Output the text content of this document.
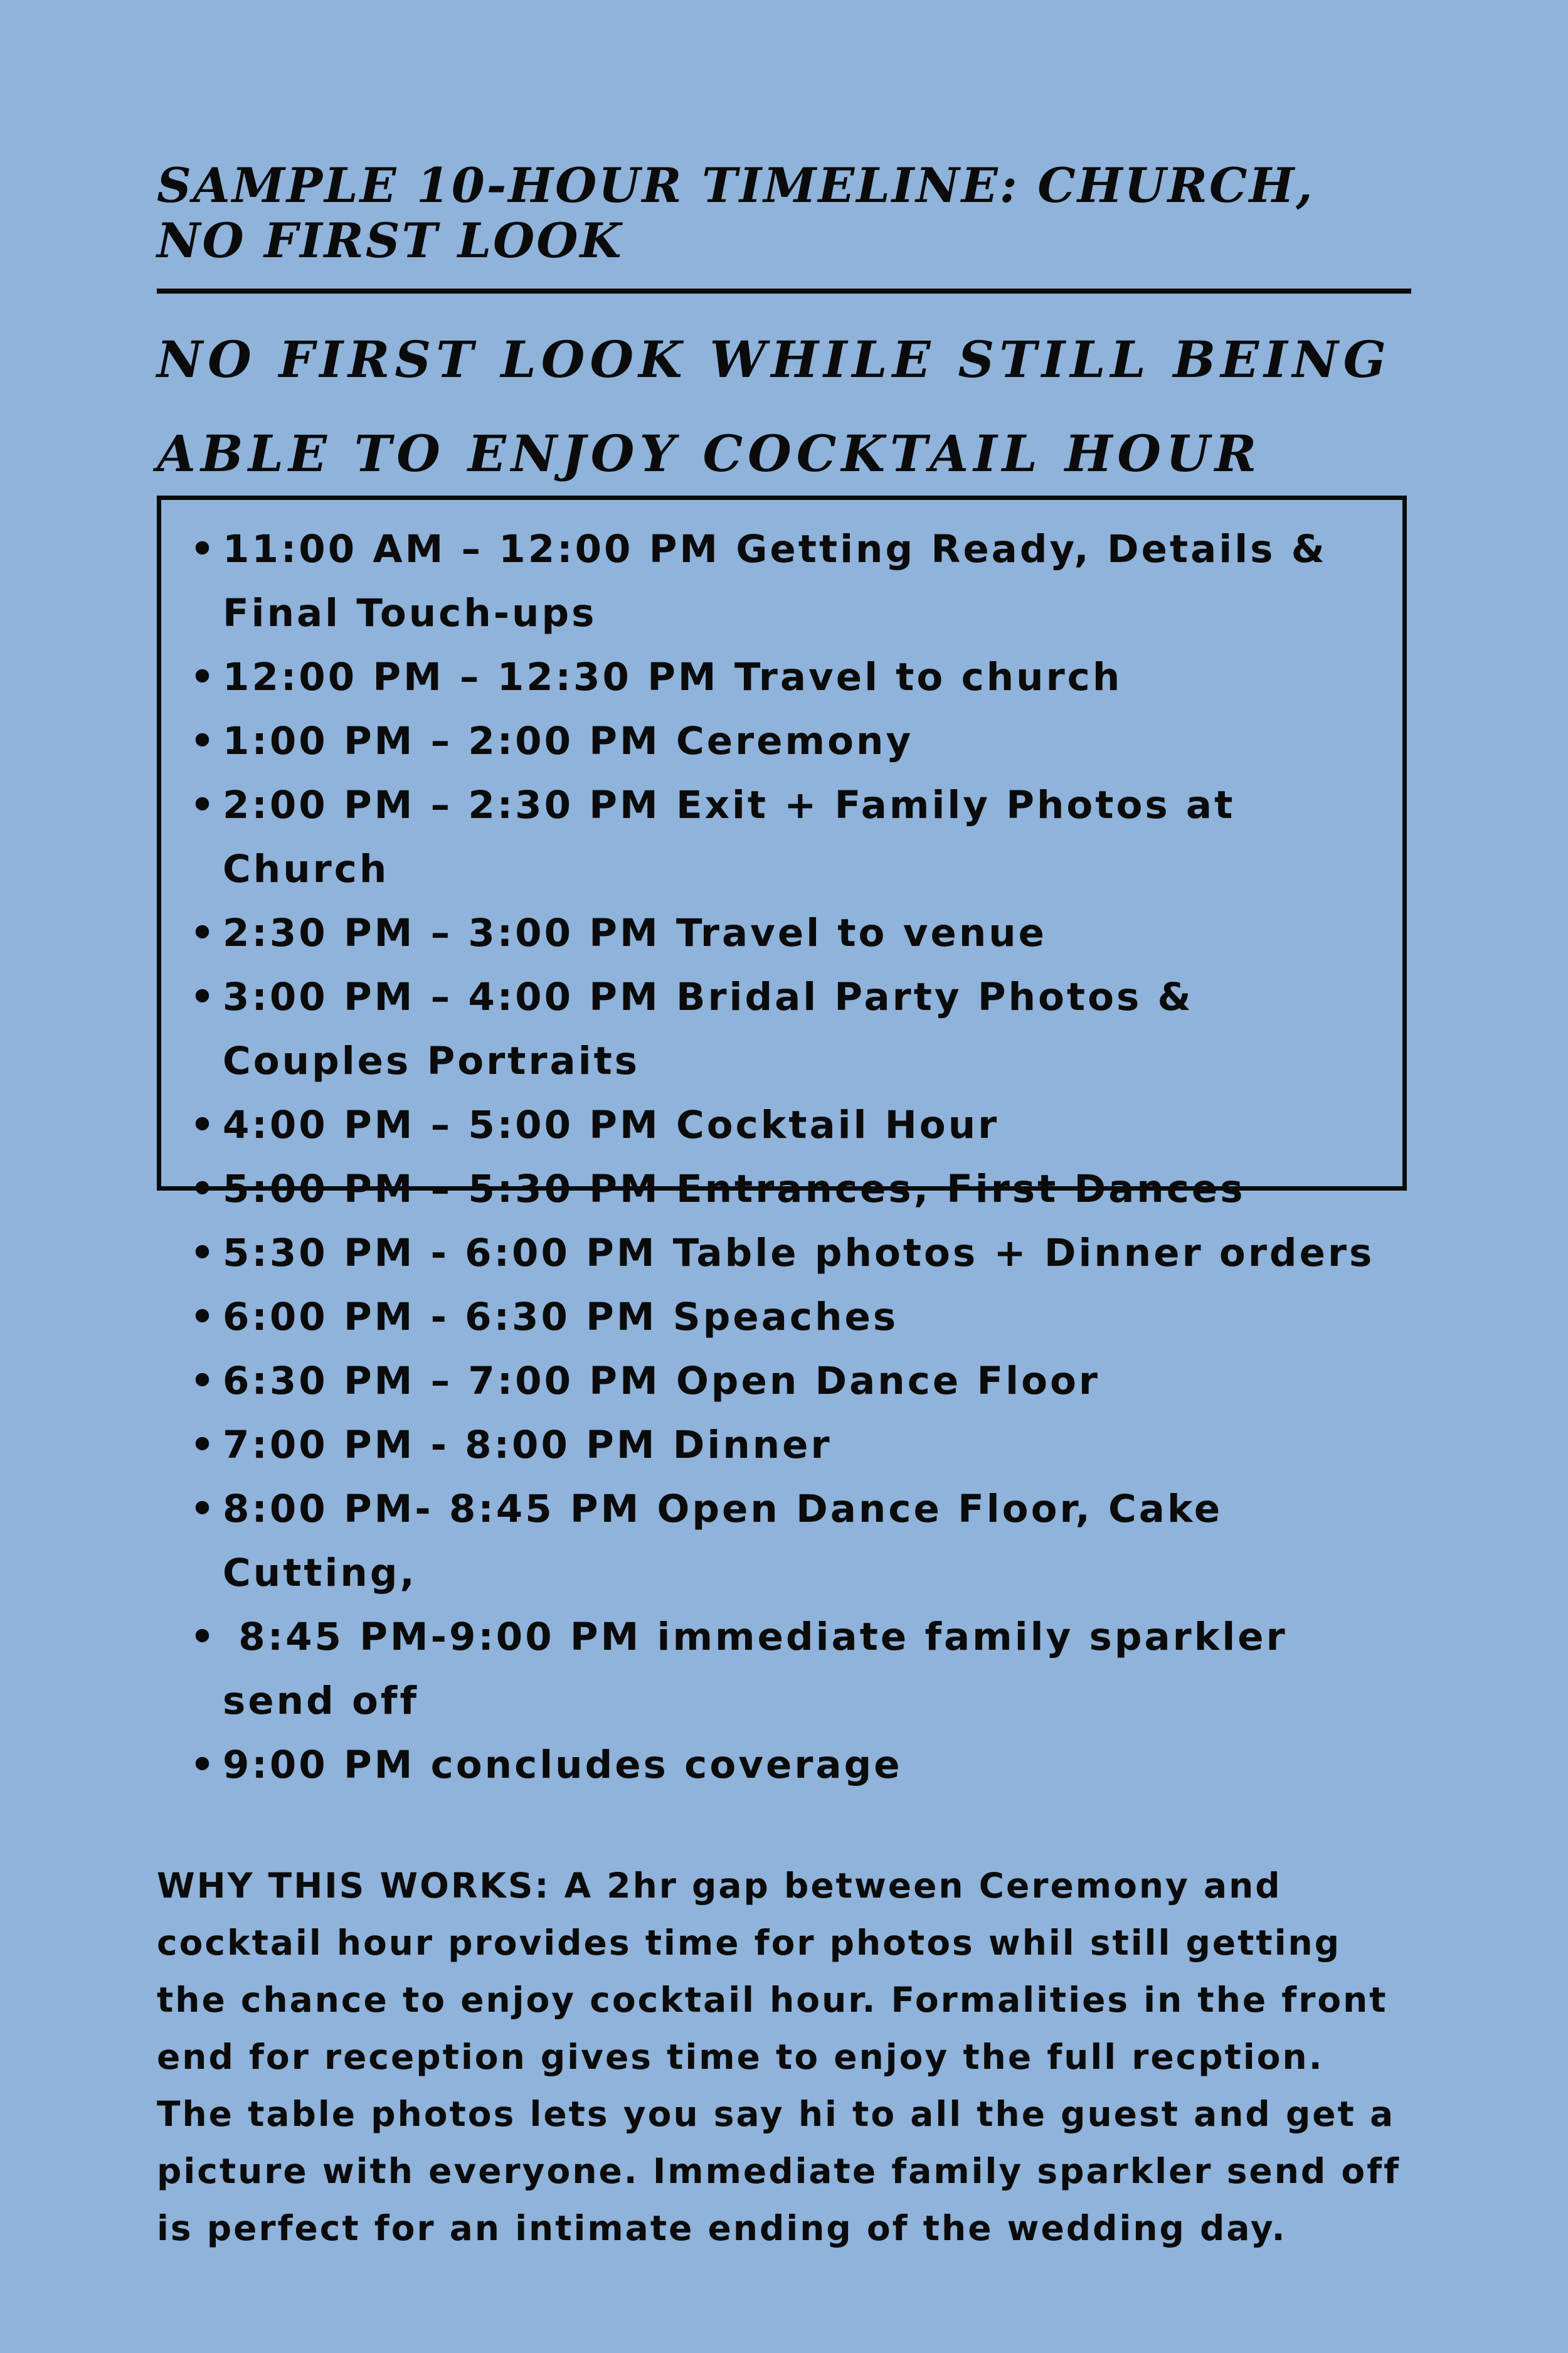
SAMPLE 10-HOUR TIMELINE: CHURCH, NO FIRST LOOK
NO FIRST LOOK WHILE STILL BEING ABLE TO ENJOY COCKTAIL HOUR
• 11:00 AM – 12:00 PM Getting Ready, Details & Final Touch-ups
• 12:00 PM – 12:30 PM Travel to church
• 1:00 PM – 2:00 PM Ceremony
• 2:00 PM – 2:30 PM Exit + Family Photos at Church
• 2:30 PM – 3:00 PM Travel to venue
• 3:00 PM – 4:00 PM Bridal Party Photos & Couples Portraits
• 4:00 PM – 5:00 PM Cocktail Hour
• 5:00 PM – 5:30 PM Entrances, First Dances
• 5:30 PM - 6:00 PM Table photos + Dinner orders
• 6:00 PM - 6:30 PM Speaches
• 6:30 PM – 7:00 PM Open Dance Floor
• 7:00 PM - 8:00 PM Dinner
• 8:00 PM- 8:45 PM Open Dance Floor, Cake Cutting,
• 8:45 PM-9:00 PM immediate family sparkler send off
• 9:00 PM concludes coverage

WHY THIS WORKS: A 2hr gap between Ceremony and cocktail hour provides time for photos whil still getting the chance to enjoy cocktail hour. Formalities in the front end for reception gives time to enjoy the full recption. The table photos lets you say hi to all the guest and get a picture with everyone. Immediate family sparkler send off is perfect for an intimate ending of the wedding day.
